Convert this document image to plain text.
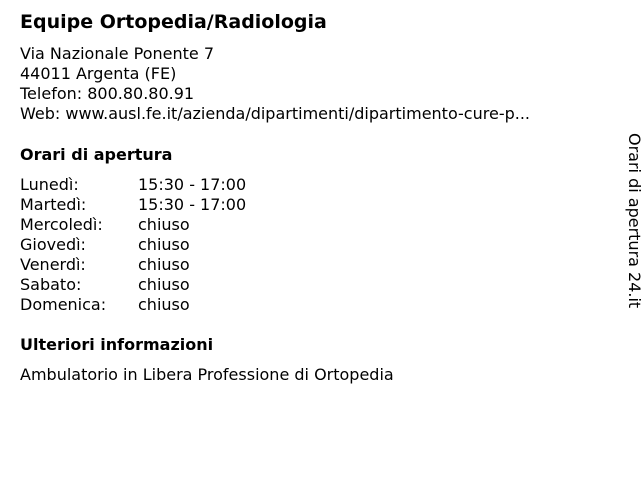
Equipe Ortopedia/Radiologia
Via Nazionale Ponente 7
44011 Argenta (FE)
Telefon: 800.80.80.91
Web: www.ausl.fe.it/azienda/dipartimenti/dipartimento-cure-p...
Orari di apertura
Lunedì:	15:30 - 17:00
Martedì:	15:30 - 17:00
Mercoledì:	chiuso
Giovedì:	chiuso
Venerdì:	chiuso
Sabato:	chiuso
Domenica:	chiuso
Ulteriori informazioni
Ambulatorio in Libera Professione di Ortopedia
Orari di apertura 24.it
